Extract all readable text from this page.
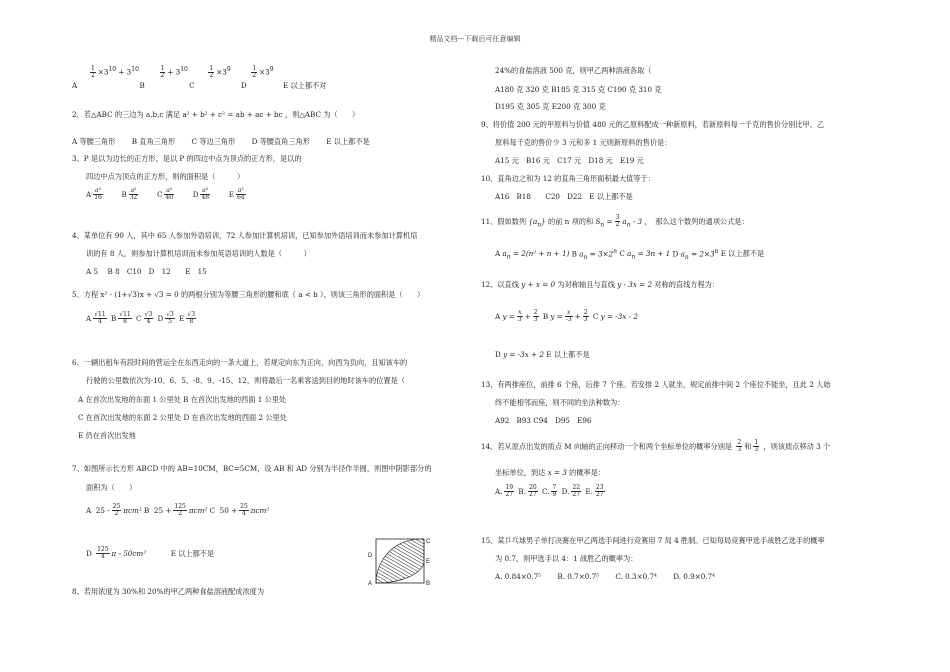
精品文档---下载后可任意编辑

$\frac{1}{2} \times 3^{10} + 3^{10}$	$\frac{1}{2} + 3^{10}$	$\frac{1}{2} \times 3^9$	$\frac{1}{2} \times 3^9$
A	B	C	D	E 以上都不对
2、若△ABC 的三边为 a,b,c 满足 a² + b² + c² = ab + ac + bc ，则△ABC 为（　　）
A 等腰三角形 B 直角三角形 C 等边三角形 D 等腰直角三角形 E 以上都不是
3、P 是以为边长的正方形，是以 P 的四边中点为顶点的正方形，是以的
四边中点为顶点的正方形，则的面积是（　　　）
A $\frac{\text{a²}}{16}$	B $\frac{\text{a²}}{32}$	C $\frac{\text{a²}}{40}$	D $\frac{\text{a²}}{48}$	E $\frac{\text{a²}}{64}$
4、某单位有 90 人，其中 65 人参加外语培训，72 人参加计算机培训，已知参加外语培训而未参加计算机培
训的有 8 人，则参加计算机培训而未参加英语培训的人数是（　　　）
A 5　 B 8　C10　D　12　　E　15
5、方程 x² - (1+√3)x + √3 = 0 的两根分别为等腰三角形的腰和底（ a < b ），则该三角形的面积是（　　）
A $\frac{√11}{4}$ B $\frac{√11}{8}$ C $\frac{√3}{4}$ D $\frac{√3}{5}$ E $\frac{√3}{8}$
6、一辆出租车有段时间的营运全在东西走向的一条大道上，若规定向东为正向，向西为负向，且知该车的
行驶的公里数依次为-10、6、5、-8、9、-15、12，则将最后一名乘客送到目的地时该车的位置是（
A 在首次出发地的东面 1 公里处 B 在首次出发地的西面 1 公里处
C 在首次出发地的东面 2 公里处 D 在首次出发地的西面 2 公里处
E 仍在首次出发地
7、如图所示长方形 ABCD 中的 AB=10CM，BC=5CM，设 AB 和 AD 分别为半径作半圆，则图中阴影部分的
面积为（　　）
A  $25 - \frac{25}{2} \pi cm^2$ B  $25 + \frac{125}{2} \pi cm^2$ C  $50 + \frac{25}{4} \pi cm^2$
D $\frac{125}{4}$ π - 50cm²	E 以上都不是
8、若用浓度为 30%和 20%的甲乙两种食盐溶液配成浓度为
D
A	B
C
E
24%的食盐溶液 500 克，则甲乙两种溶液各取（
A180 克 320 克 B185 克 315 克 C190 克 310 克
D195 克 305 克 E200 克 300 克
9、将价值 200 元的甲原料与价值 480 元的乙原料配成一种新原料，若新原料每一千克的售价分别比甲、乙
原料每千克的售价少 3 元和多 1 元则新原料的售价是：
A15 元　B16 元　C17 元　D18 元　E19 元
10、直角边之和为 12 的直角三角形面积最大值等于：
A16　B18　　C20　D22　E 以上都不是
11、假如数列 $\{a_n\}$ 的前 n 项的和 $S_n = \frac{3}{2} a_n - 3$ ，　那么这个数列的通项公式是：
A $a_n = 2(n^2 + n + 1)$ B $a_n = 3\times 2^n$ C $a_n = 3n + 1$ D $a_n = 2\times 3^n$ E 以上都不是
12、以直线 y + x = 0 为对称轴且与直线 y - 3x = 2 对称的直线方程为：
A $y = \frac{x}{3} + \frac{2}{3}$ B $y = \frac{x}{-3} + \frac{2}{3}$ C y = -3x - 2
D y = -3x + 2 E 以上都不是
13、有两排座位，前排 6 个座，后排 7 个座。若安排 2 人就坐，规定前排中间 2 个座位不能坐，且此 2 人始
终不能相邻而座，则不同的坐法种数为：
A92　B93 C94　D95　E96
14、若从原点出发的质点 M 向轴的正向移动一个和两个坐标单位的概率分别是 $\frac{2}{3}$ 和 $\frac{1}{3}$ ，则该质点移动 3 个
坐标单位，到达 x = 3 的概率是：
A. $\frac{19}{27} B$. $\frac{20}{27} C$. $\frac{7}{9} D$. $\frac{22}{27} E$. $\frac{23}{27}$
15、某乒乓球男子单打决赛在甲乙两选手间进行竞赛用 7 局 4 胜制。已知每局竞赛甲选手战胜乙选手的概率
为 0.7，则甲选手以 4：1 战胜乙的概率为：
A. 0.84×0.7⁵ B. 0.7×0.7⁵ C. 0.3×0.7⁴ D. 0.9×0.7⁴
